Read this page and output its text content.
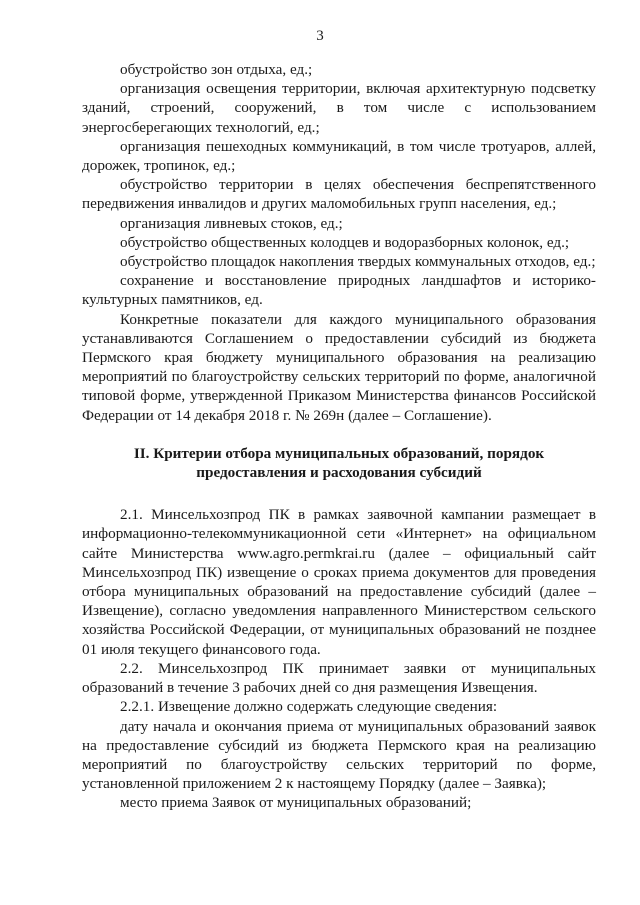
3

обустройство зон отдыха, ед.;

организация освещения территории, включая архитектурную подсветку зданий, строений, сооружений, в том числе с использованием энергосберегающих технологий, ед.;

организация пешеходных коммуникаций, в том числе тротуаров, аллей, дорожек, тропинок, ед.;

обустройство территории в целях обеспечения беспрепятственного передвижения инвалидов и других маломобильных групп населения, ед.;

организация ливневых стоков, ед.;

обустройство общественных колодцев и водоразборных колонок, ед.;

обустройство площадок накопления твердых коммунальных отходов, ед.;

сохранение и восстановление природных ландшафтов и историко-культурных памятников, ед.

Конкретные показатели для каждого муниципального образования устанавливаются Соглашением о предоставлении субсидий из бюджета Пермского края бюджету муниципального образования на реализацию мероприятий по благоустройству сельских территорий по форме, аналогичной типовой форме, утвержденной Приказом Министерства финансов Российской Федерации от 14 декабря 2018 г. № 269н (далее – Соглашение).

II. Критерии отбора муниципальных образований, порядок
предоставления и расходования субсидий

2.1. Минсельхозпрод ПК в рамках заявочной кампании размещает в информационно-телекоммуникационной сети «Интернет» на официальном сайте Министерства www.agro.permkrai.ru (далее – официальный сайт Минсельхозпрод ПК) извещение о сроках приема документов для проведения отбора муниципальных образований на предоставление субсидий (далее – Извещение), согласно уведомления направленного Министерством сельского хозяйства Российской Федерации, от муниципальных образований не позднее 01 июля текущего финансового года.

2.2. Минсельхозпрод ПК принимает заявки от муниципальных образований в течение 3 рабочих дней со дня размещения Извещения.

2.2.1. Извещение должно содержать следующие сведения:

дату начала и окончания приема от муниципальных образований заявок на предоставление субсидий из бюджета Пермского края на реализацию мероприятий по благоустройству сельских территорий по форме, установленной приложением 2 к настоящему Порядку (далее – Заявка);

место приема Заявок от муниципальных образований;
